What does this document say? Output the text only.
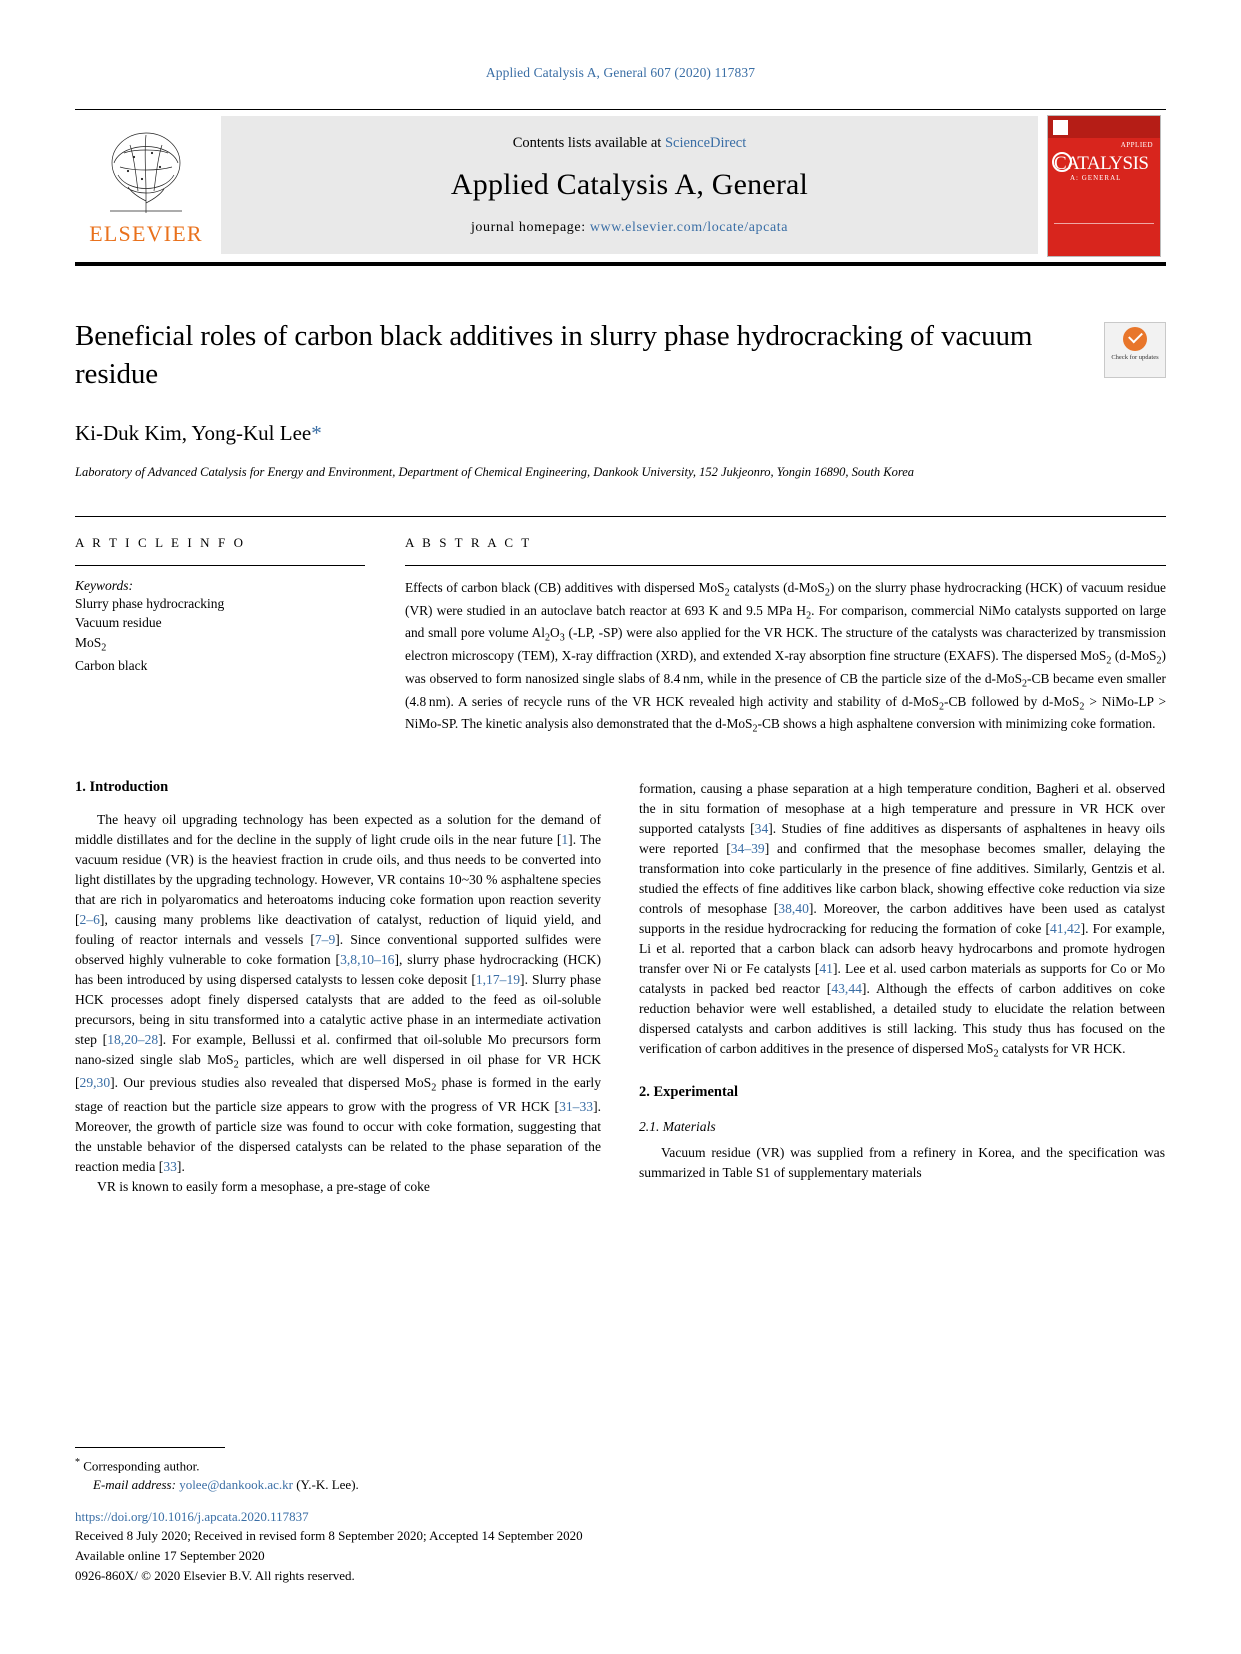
Applied Catalysis A, General 607 (2020) 117837
ELSEVIER
Contents lists available at ScienceDirect
Applied Catalysis A, General
journal homepage: www.elsevier.com/locate/apcata
APPLIED
CATALYSIS
A: GENERAL
Beneficial roles of carbon black additives in slurry phase hydrocracking of vacuum residue
Ki-Duk Kim, Yong-Kul Lee*
Laboratory of Advanced Catalysis for Energy and Environment, Department of Chemical Engineering, Dankook University, 152 Jukjeonro, Yongin 16890, South Korea
Check for updates
A R T I C L E I N F O
Keywords:
Slurry phase hydrocracking
Vacuum residue
MoS$_2$
Carbon black
A B S T R A C T
Effects of carbon black (CB) additives with dispersed MoS$_2$ catalysts (d-MoS$_2$) on the slurry phase hydrocracking (HCK) of vacuum residue (VR) were studied in an autoclave batch reactor at 693 K and 9.5 MPa $H_2$. For comparison, commercial NiMo catalysts supported on large and small pore volume $Al_2O_3$ (-LP, -SP) were also applied for the VR HCK. The structure of the catalysts was characterized by transmission electron microscopy (TEM), X-ray diffraction (XRD), and extended X-ray absorption fine structure (EXAFS). The dispersed MoS$_2$ (d-MoS$_2$) was observed to form nanosized single slabs of 8.4 nm, while in the presence of CB the particle size of the d-MoS$_2$-CB became even smaller (4.8 nm). A series of recycle runs of the VR HCK revealed high activity and stability of d-MoS$_2$-CB followed by d-MoS$_2$ > NiMo-LP > NiMo-SP. The kinetic analysis also demonstrated that the d-MoS$_2$-CB shows a high asphaltene conversion with minimizing coke formation.
1. Introduction

The heavy oil upgrading technology has been expected as a solution for the demand of middle distillates and for the decline in the supply of light crude oils in the near future [1]. The vacuum residue (VR) is the heaviest fraction in crude oils, and thus needs to be converted into light distillates by the upgrading technology. However, VR contains 10~30 % asphaltene species that are rich in polyaromatics and heteroatoms inducing coke formation upon reaction severity [2–6], causing many problems like deactivation of catalyst, reduction of liquid yield, and fouling of reactor internals and vessels [7–9]. Since conventional supported sulfides were observed highly vulnerable to coke formation [3,8,10–16], slurry phase hydrocracking (HCK) has been introduced by using dispersed catalysts to lessen coke deposit [1,17–19]. Slurry phase HCK processes adopt finely dispersed catalysts that are added to the feed as oil-soluble precursors, being in situ transformed into a catalytic active phase in an intermediate activation step [18,20–28]. For example, Bellussi et al. confirmed that oil-soluble Mo precursors form nano-sized single slab MoS$_2$ particles, which are well dispersed in oil phase for VR HCK [29,30]. Our previous studies also revealed that dispersed MoS$_2$ phase is formed in the early stage of reaction but the particle size appears to grow with the progress of VR HCK [31–33]. Moreover, the growth of particle size was found to occur with coke formation, suggesting that the unstable behavior of the dispersed catalysts can be related to the phase separation of the reaction media [33].

VR is known to easily form a mesophase, a pre-stage of coke

formation, causing a phase separation at a high temperature condition, Bagheri et al. observed the in situ formation of mesophase at a high temperature and pressure in VR HCK over supported catalysts [34]. Studies of fine additives as dispersants of asphaltenes in heavy oils were reported [34–39] and confirmed that the mesophase becomes smaller, delaying the transformation into coke particularly in the presence of fine additives. Similarly, Gentzis et al. studied the effects of fine additives like carbon black, showing effective coke reduction via size controls of mesophase [38,40]. Moreover, the carbon additives have been used as catalyst supports in the residue hydrocracking for reducing the formation of coke [41,42]. For example, Li et al. reported that a carbon black can adsorb heavy hydrocarbons and promote hydrogen transfer over Ni or Fe catalysts [41]. Lee et al. used carbon materials as supports for Co or Mo catalysts in packed bed reactor [43,44]. Although the effects of carbon additives on coke reduction behavior were well established, a detailed study to elucidate the relation between dispersed catalysts and carbon additives is still lacking. This study thus has focused on the verification of carbon additives in the presence of dispersed MoS$_2$ catalysts for VR HCK.

2. Experimental
2.1. Materials

Vacuum residue (VR) was supplied from a refinery in Korea, and the specification was summarized in Table S1 of supplementary materials

* Corresponding author.
E-mail address: yolee@dankook.ac.kr (Y.-K. Lee).
https://doi.org/10.1016/j.apcata.2020.117837
Received 8 July 2020; Received in revised form 8 September 2020; Accepted 14 September 2020
Available online 17 September 2020
0926-860X/ © 2020 Elsevier B.V. All rights reserved.
